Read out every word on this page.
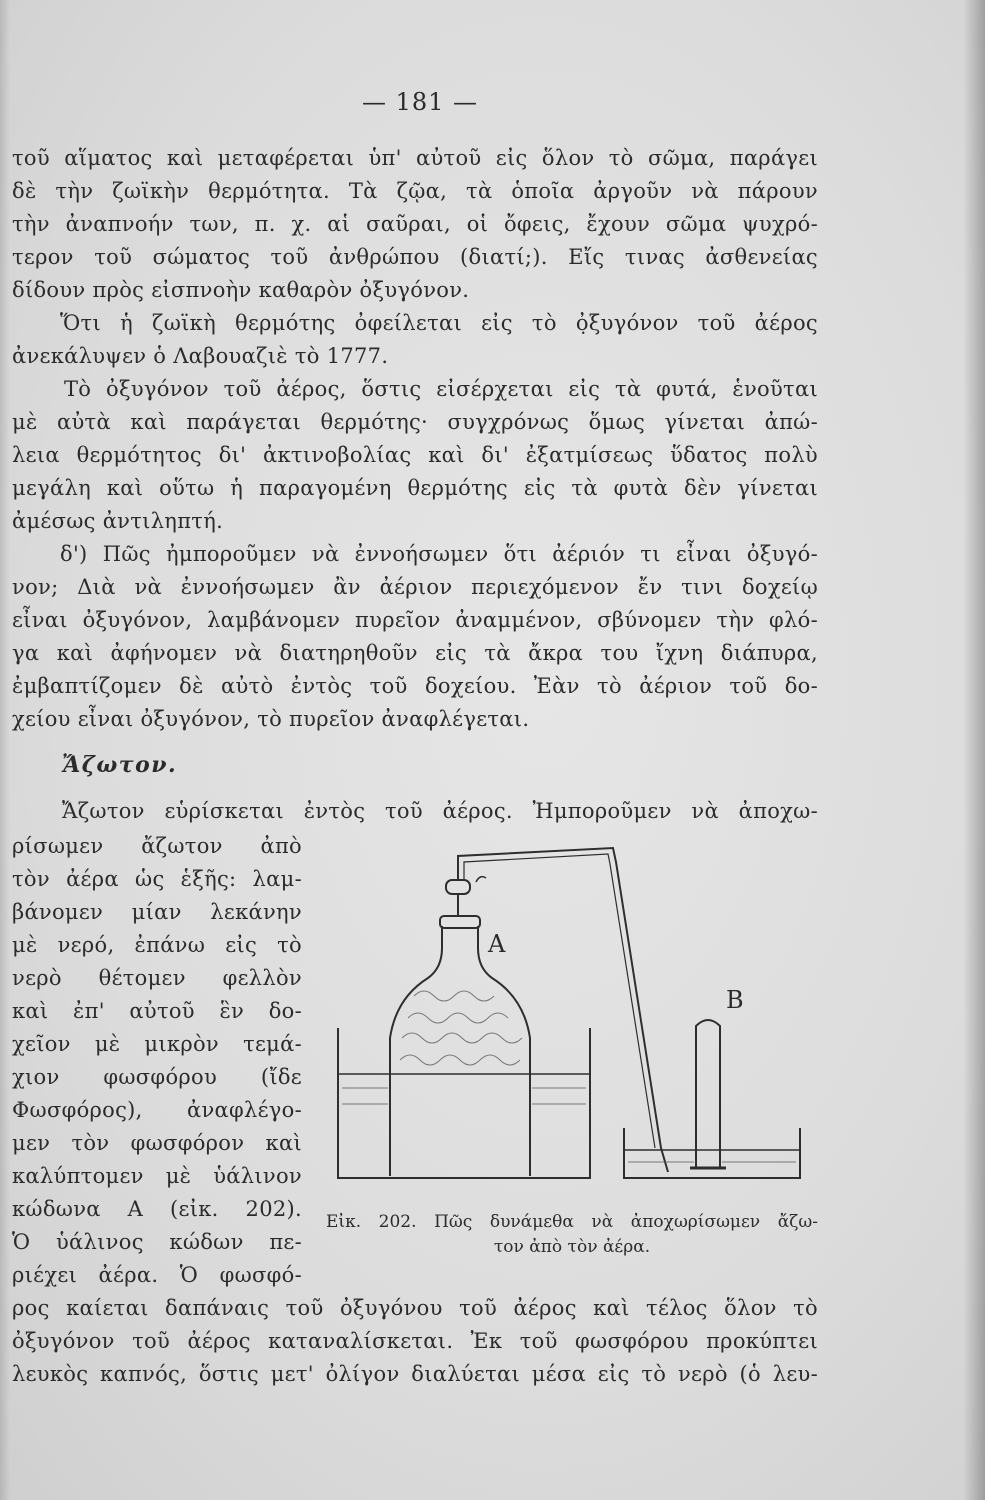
— 181 —
τοῦ αἵματος καὶ μεταφέρεται ὑπ' αὐτοῦ εἰς ὅλον τὸ σῶμα, παράγει
δὲ τὴν ζωϊκὴν θερμότητα. Τὰ ζῷα, τὰ ὁποῖα ἀργοῦν νὰ πάρουν
τὴν ἀναπνοήν των, π. χ. αἱ σαῦραι, οἱ ὄφεις, ἔχουν σῶμα ψυχρό-
τερον τοῦ σώματος τοῦ ἀνθρώπου (διατί;). Εἴς τινας ἀσθενείας
δίδουν πρὸς εἰσπνοὴν καθαρὸν ὀξυγόνον.
Ὅτι ἡ ζωϊκὴ θερμότης ὀφείλεται εἰς τὸ ὀ̣ξυγόνον τοῦ ἀέρος
ἀνεκάλυψεν ὁ Λαβουαζιὲ τὸ 1777.
Τὸ ὀξυγόνον τοῦ ἀέρος, ὅστις εἰσέρχεται εἰς τὰ φυτά, ἑνοῦται
μὲ αὐτὰ καὶ παράγεται θερμότης· συγχρόνως ὅμως γίνεται ἀπώ-
λεια θερμότητος δι' ἀκτινοβολίας καὶ δι' ἐξατμίσεως ὕδατος πολὺ
μεγάλη καὶ οὕτω ἡ παραγομένη θερμότης εἰς τὰ φυτὰ δὲν γίνεται
ἀμέσως ἀντιληπτή.
δ') Πῶς ἠμποροῦμεν νὰ ἐννοήσωμεν ὅτι ἀέριόν τι εἶναι ὀξυγό-
νον; Διὰ νὰ ἐννοήσωμεν ἂν ἀέριον περιεχόμενον ἔν τινι δοχείῳ
εἶναι ὀξυγόνον, λαμβάνομεν πυρεῖον ἀναμμένον, σβύνομεν τὴν φλό-
γα καὶ ἀφήνομεν νὰ διατηρηθοῦν εἰς τὰ ἄκρα του ἴχνη διάπυρα,
ἐμβαπτίζομεν δὲ αὐτὸ ἐντὸς τοῦ δοχείου. Ἐὰν τὸ ἀέριον τοῦ δο-
χείου εἶναι ὀξυγόνον, τὸ πυρεῖον ἀναφλέγεται.
Ἄζωτον.
Ἄζωτον εὑρίσκεται ἐντὸς τοῦ ἀέρος. Ἠμποροῦμεν νὰ ἀποχω-
ρίσωμεν ἄζωτον ἀπὸ
τὸν ἀέρα ὡς ἑξῆς: λαμ-
βάνομεν μίαν λεκάνην
μὲ νερό, ἐπάνω εἰς τὸ
νερὸ θέτομεν φελλὸν
καὶ ἐπ' αὐτοῦ ἓν δο-
χεῖον μὲ μικρὸν τεμά-
χιον φωσφόρου (ἴδε
Φωσφόρος), ἀναφλέγο-
μεν τὸν φωσφόρον καὶ
καλύπτομεν μὲ ὑάλινον
κώδωνα Α (εἰκ. 202).
Ὁ ὑάλινος κώδων πε-
ριέχει ἀέρα. Ὁ φωσφό-
ρος καίεται δαπάναις τοῦ ὀξυγόνου τοῦ ἀέρος καὶ τέλος ὅλον τὸ
ὀξυγόνον τοῦ ἀέρος καταναλίσκεται. Ἐκ τοῦ φωσφόρου προκύπτει
λευκὸς καπνός, ὅστις μετ' ὀλίγον διαλύεται μέσα εἰς τὸ νερὸ (ὁ λευ-
A
B
Εἰκ. 202. Πῶς δυνάμεθα νὰ ἀποχωρίσωμεν ἄζω-
τον ἀπὸ τὸν ἀέρα.
